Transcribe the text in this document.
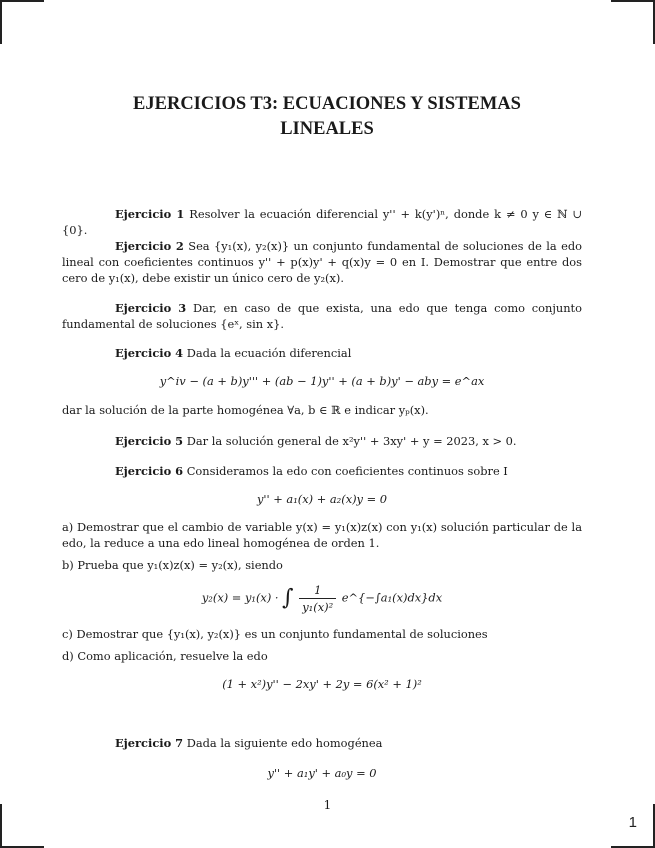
EJERCICIOS T3: ECUACIONES Y SISTEMAS
LINEALES
Ejercicio 1 Resolver la ecuación diferencial y'' + k(y')ⁿ, donde k ≠ 0 y ∈ ℕ ∪ {0}.
Ejercicio 2 Sea {y₁(x), y₂(x)} un conjunto fundamental de soluciones de la edo lineal con coeficientes continuos y'' + p(x)y' + q(x)y = 0 en I. Demostrar que entre dos cero de y₁(x), debe existir un único cero de y₂(x).
Ejercicio 3 Dar, en caso de que exista, una edo que tenga como conjunto fundamental de soluciones {eˣ, sin x}.
Ejercicio 4 Dada la ecuación diferencial
y^iv − (a + b)y''' + (ab − 1)y'' + (a + b)y' − aby = e^ax
dar la solución de la parte homogénea ∀a, b ∈ ℝ e indicar yₚ(x).
Ejercicio 5 Dar la solución general de x²y'' + 3xy' + y = 2023, x > 0.
Ejercicio 6 Consideramos la edo con coeficientes continuos sobre I
y'' + a₁(x) + a₂(x)y = 0
a) Demostrar que el cambio de variable y(x) = y₁(x)z(x) con y₁(x) solución particular de la edo, la reduce a una edo lineal homogénea de orden 1.
b) Prueba que y₁(x)z(x) = y₂(x), siendo
y₂(x) = y₁(x) · ∫ $\frac{1}{\text{y₁(x)²}}$ e^{−∫a₁(x)dx}dx
c) Demostrar que {y₁(x), y₂(x)} es un conjunto fundamental de soluciones
d) Como aplicación, resuelve la edo
(1 + x²)y'' − 2xy' + 2y = 6(x² + 1)²
Ejercicio 7 Dada la siguiente edo homogénea
y'' + a₁y' + a₀y = 0
1
1
